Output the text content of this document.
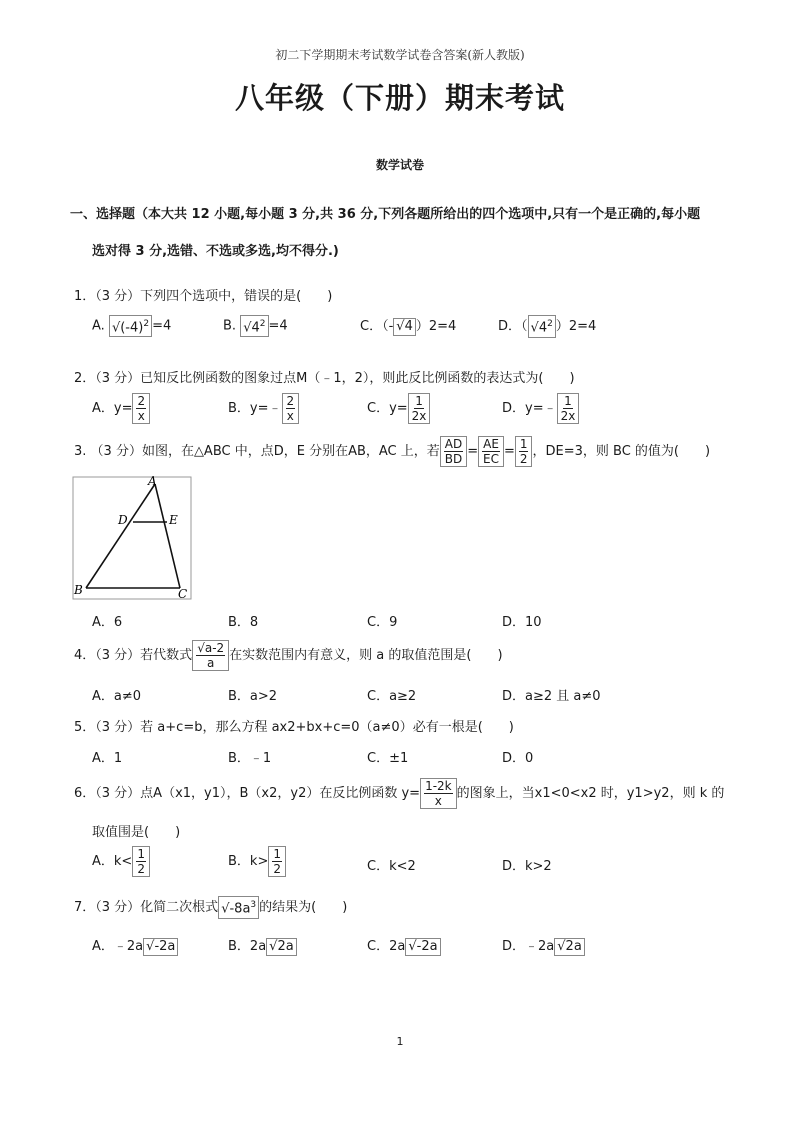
初二下学期期末考试数学试卷含答案(新人教版)
八年级（下册）期末考试
数学试卷
一、选择题（本大共 12 小题,每小题 3 分,共 36 分,下列各题所给出的四个选项中,只有一个是正确的,每小题
选对得 3 分,选错、不选或多选,均不得分.)
1．（3 分）下列四个选项中，错误的是(　　)
A. $√(-4)^2 =4$	B. $√4^2 =4$	C．（- √4 ）2=4	D．（ $√4^2$ ）2=4
2．（3 分）已知反比例函数的图象过点M（﹣1，2），则此反比例函数的表达式为(　　)
A．$y= \frac{2}{x}$	B．y=﹣ $\frac{2}{x}$	C．$y= \frac{1}{2x}$	D．y=﹣ $\frac{1}{2x}$
3. （3 分）如图，在△ABC 中，点D，E 分别在AB，AC 上，若 $\frac{AD}{BD} = \frac{AE}{EC} = \frac{1}{2}$ ，DE=3，则 BC 的值为(　　)
A
D	E
B	C
A．6	B．8	C．9	D．10
4．（3 分）若代数式 $\frac{√a-2}{a}$ 在实数范围内有意义，则 a 的取值范围是(　　)
A．a≠0	B．a>2	C．a≥2	D．a≥2 且 a≠0
5．（3 分）若 a+c=b，那么方程 ax2+bx+c=0（a≠0）必有一根是(　　)
A．1	B．﹣1	C．±1	D．0
6．（3 分）点A（x1，y1），B（x2，y2）在反比例函数 $y= \frac{1-2k}{x}$ 的图象上，当x1<0<x2 时，y1>y2，则 k 的
取值围是(　　)
A．$k< \frac{1}{2}$	B．$k> \frac{1}{2}$	C．k<2	D．k>2
7．（3 分）化简二次根式 $√-8a^3$ 的结果为(　　)
A．﹣2a √-2a	B．2a √2a	C．2a √-2a	D．﹣2a √2a
1
